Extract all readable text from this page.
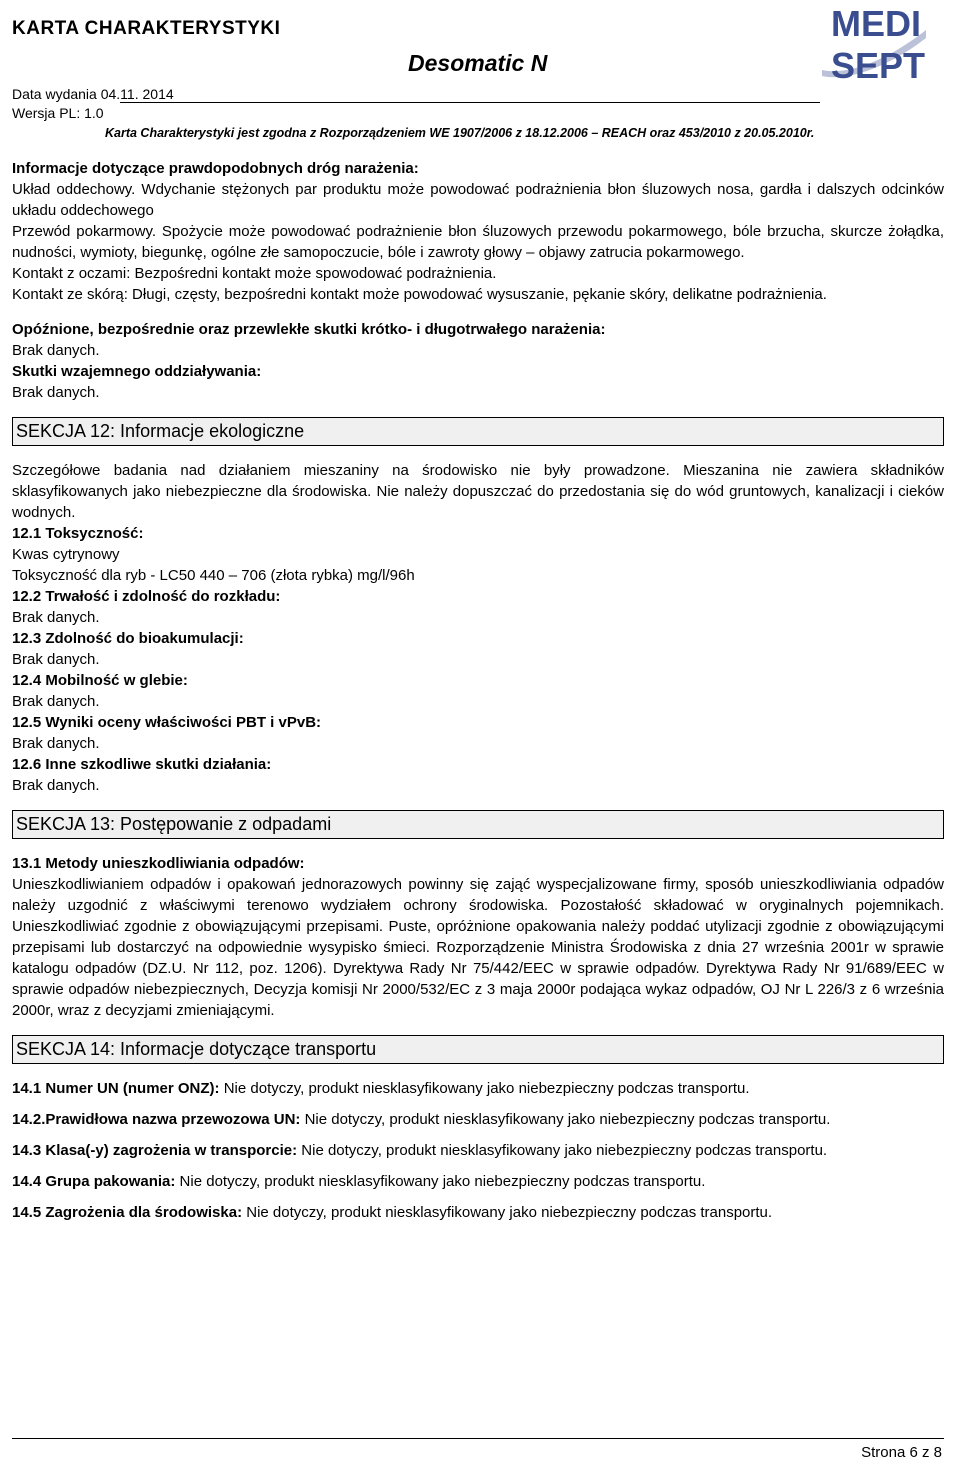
KARTA CHARAKTERYSTYKI
Desomatic N
Data wydania 04.11. 2014
Wersja PL: 1.0
Karta Charakterystyki jest zgodna z Rozporządzeniem WE 1907/2006 z 18.12.2006 – REACH oraz 453/2010 z 20.05.2010r.
MEDI
SEPT

Informacje dotyczące prawdopodobnych dróg narażenia:

Układ oddechowy. Wdychanie stężonych par produktu może powodować podrażnienia błon śluzowych nosa, gardła i dalszych odcinków układu oddechowego

Przewód pokarmowy. Spożycie może powodować podrażnienie błon śluzowych przewodu pokarmowego, bóle brzucha, skurcze żołądka, nudności, wymioty, biegunkę, ogólne złe samopoczucie, bóle i zawroty głowy – objawy zatrucia pokarmowego.

Kontakt z oczami: Bezpośredni kontakt może spowodować podrażnienia.

Kontakt ze skórą: Długi, częsty, bezpośredni kontakt może powodować wysuszanie, pękanie skóry, delikatne podrażnienia.

Opóźnione, bezpośrednie oraz przewlekłe skutki krótko- i długotrwałego narażenia:

Brak danych.

Skutki wzajemnego oddziaływania:

Brak danych.

SEKCJA 12: Informacje ekologiczne

Szczegółowe badania nad działaniem mieszaniny na środowisko nie były prowadzone. Mieszanina nie zawiera składników sklasyfikowanych jako niebezpieczne dla środowiska. Nie należy dopuszczać do przedostania się do wód gruntowych, kanalizacji i cieków wodnych.

12.1 Toksyczność:

Kwas cytrynowy

Toksyczność dla ryb - LC50 440 – 706 (złota rybka) mg/l/96h

12.2 Trwałość i zdolność do rozkładu:

Brak danych.

12.3 Zdolność do bioakumulacji:

Brak danych.

12.4 Mobilność w glebie:

Brak danych.

12.5 Wyniki oceny właściwości PBT i vPvB:

Brak danych.

12.6 Inne szkodliwe skutki działania:

Brak danych.

SEKCJA 13: Postępowanie z odpadami

13.1 Metody unieszkodliwiania odpadów:

Unieszkodliwianiem odpadów i opakowań jednorazowych powinny się zająć wyspecjalizowane firmy, sposób unieszkodliwiania odpadów należy uzgodnić z właściwymi terenowo wydziałem ochrony środowiska. Pozostałość składować w oryginalnych pojemnikach. Unieszkodliwiać zgodnie z obowiązującymi przepisami. Puste, opróżnione opakowania należy poddać utylizacji zgodnie z obowiązującymi przepisami lub dostarczyć na odpowiednie wysypisko śmieci. Rozporządzenie Ministra Środowiska z dnia 27 września 2001r w sprawie katalogu odpadów (DZ.U. Nr 112, poz. 1206). Dyrektywa Rady Nr 75/442/EEC w sprawie odpadów. Dyrektywa Rady Nr 91/689/EEC w sprawie odpadów niebezpiecznych, Decyzja komisji Nr 2000/532/EC z 3 maja 2000r podająca wykaz odpadów, OJ Nr L 226/3 z 6 września 2000r, wraz z decyzjami zmieniającymi.

SEKCJA 14: Informacje dotyczące transportu

14.1 Numer UN (numer ONZ): Nie dotyczy, produkt niesklasyfikowany jako niebezpieczny podczas transportu.

14.2.Prawidłowa nazwa przewozowa UN: Nie dotyczy, produkt niesklasyfikowany jako niebezpieczny podczas transportu.

14.3 Klasa(-y) zagrożenia w transporcie: Nie dotyczy, produkt niesklasyfikowany jako niebezpieczny podczas transportu.

14.4 Grupa pakowania: Nie dotyczy, produkt niesklasyfikowany jako niebezpieczny podczas transportu.

14.5 Zagrożenia dla środowiska: Nie dotyczy, produkt niesklasyfikowany jako niebezpieczny podczas transportu.

Strona 6 z 8
